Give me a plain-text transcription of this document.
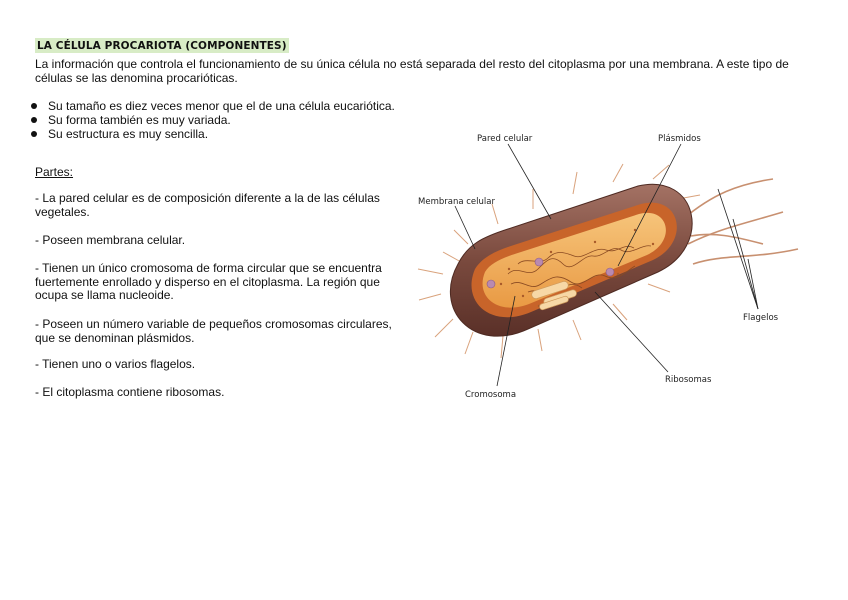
LA CÉLULA PROCARIOTA (COMPONENTES)
La información que controla el funcionamiento de su única célula no está separada del resto del citoplasma por una membrana. A este tipo de células se las denomina procarióticas.
Su tamaño es diez veces menor que el de una célula eucariótica.
Su forma también es muy variada.
Su estructura es muy sencilla.
Partes:
- La pared celular es de composición diferente a la de las células vegetales.
- Poseen membrana celular.
- Tienen un único cromosoma de forma circular que se encuentra fuertemente enrollado y disperso en el citoplasma. La región que ocupa se llama nucleoide.
- Poseen un número variable de pequeños cromosomas circulares, que se denominan plásmidos.
- Tienen uno o varios flagelos.
- El citoplasma contiene ribosomas.
Pared celular	Plásmidos
Membrana celular
Flagelos
Ribosomas
Cromosoma
